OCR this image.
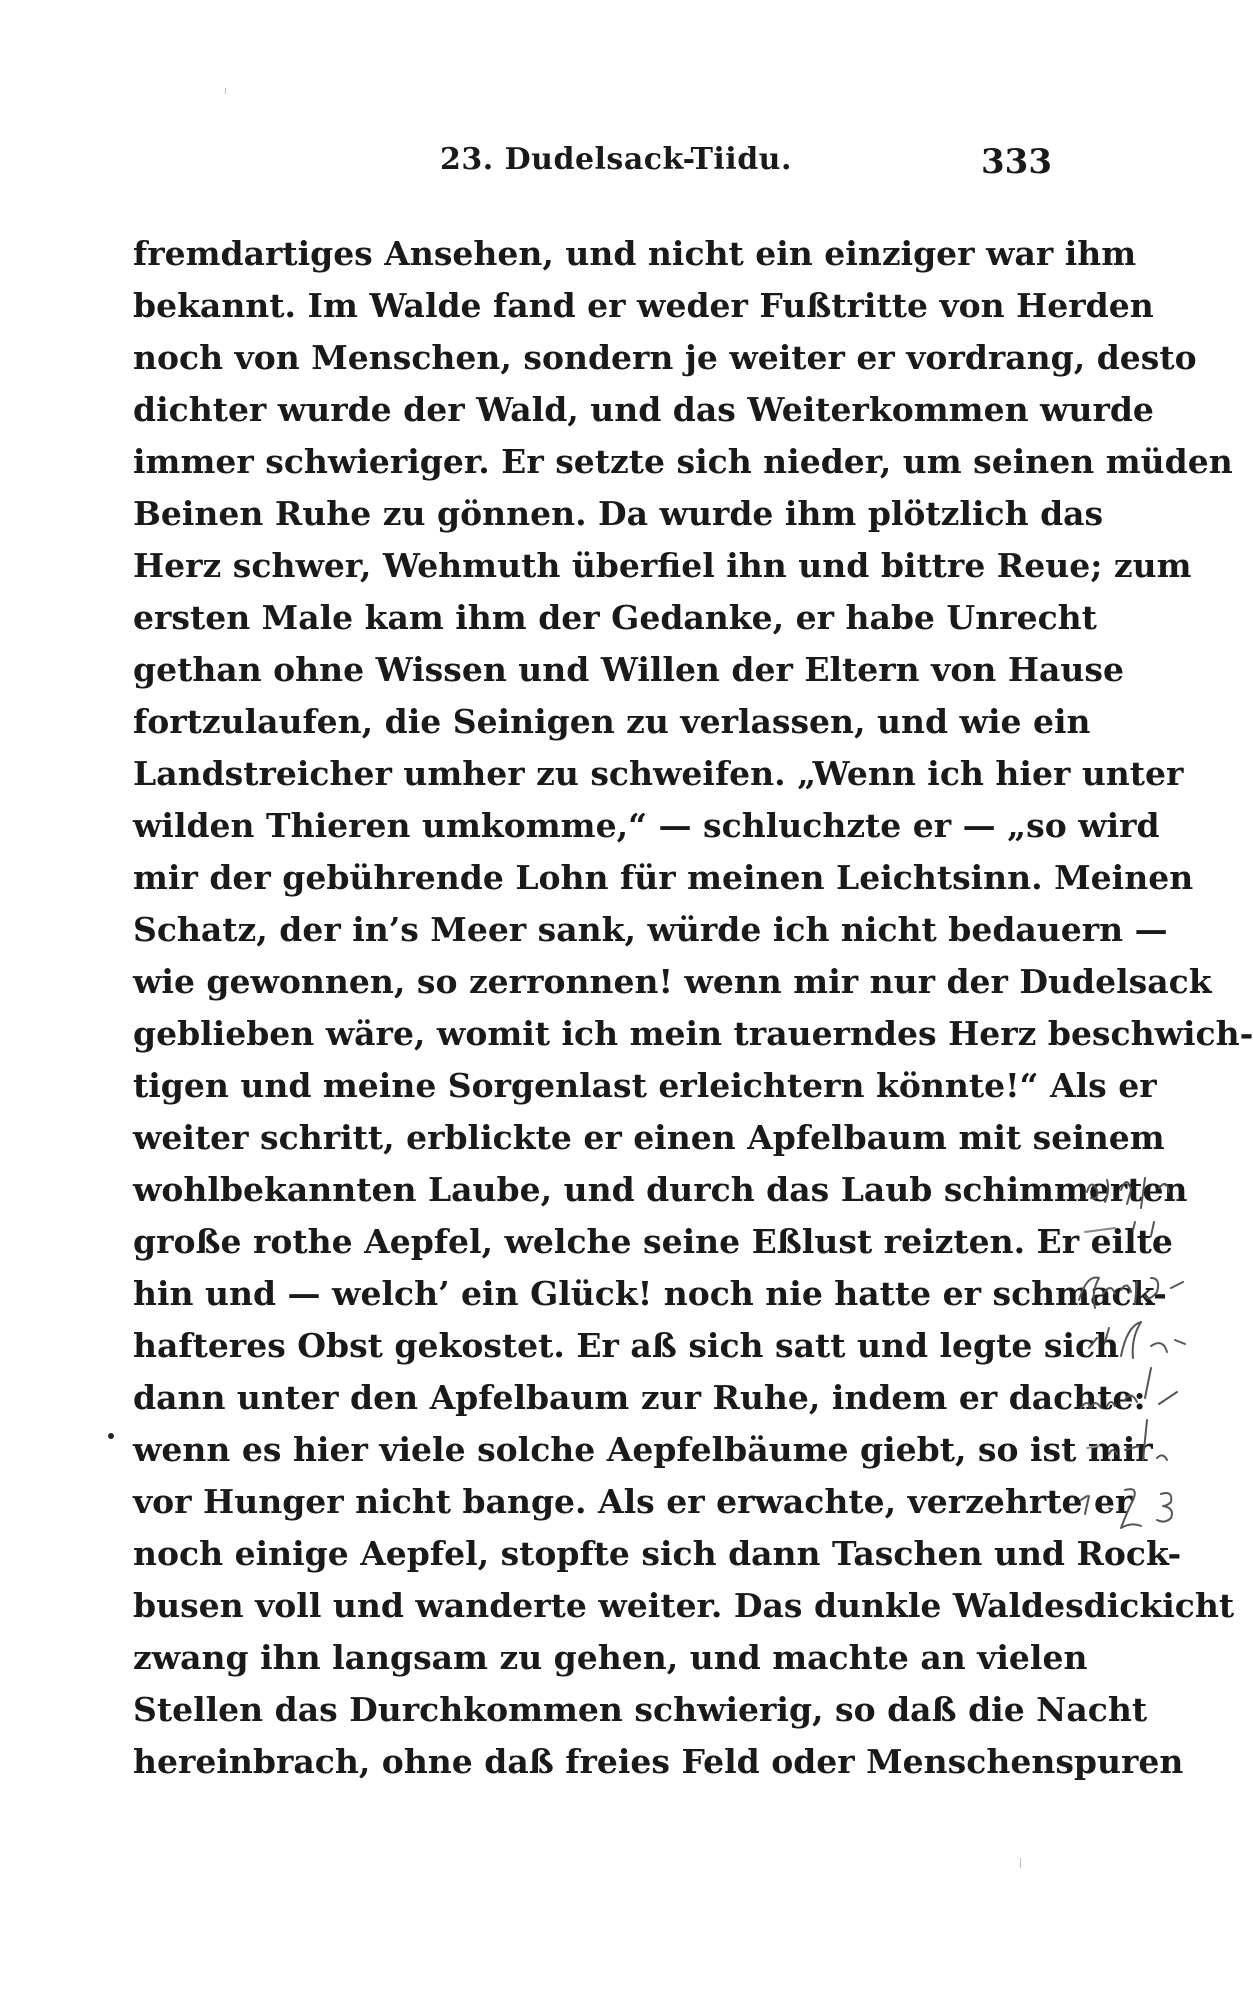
23. Dudelsack-Tiidu.	333
fremdartiges Ansehen, und nicht ein einziger war ihm
bekannt. Im Walde fand er weder Fußtritte von Herden
noch von Menschen, sondern je weiter er vordrang, desto
dichter wurde der Wald, und das Weiterkommen wurde
immer schwieriger. Er setzte sich nieder, um seinen müden
Beinen Ruhe zu gönnen. Da wurde ihm plötzlich das
Herz schwer, Wehmuth überfiel ihn und bittre Reue; zum
ersten Male kam ihm der Gedanke, er habe Unrecht
gethan ohne Wissen und Willen der Eltern von Hause
fortzulaufen, die Seinigen zu verlassen, und wie ein
Landstreicher umher zu schweifen. „Wenn ich hier unter
wilden Thieren umkomme,“ — schluchzte er — „so wird
mir der gebührende Lohn für meinen Leichtsinn. Meinen
Schatz, der in’s Meer sank, würde ich nicht bedauern —
wie gewonnen, so zerronnen! wenn mir nur der Dudelsack
geblieben wäre, womit ich mein trauerndes Herz beschwich-
tigen und meine Sorgenlast erleichtern könnte!“ Als er
weiter schritt, erblickte er einen Apfelbaum mit seinem
wohlbekannten Laube, und durch das Laub schimmerten
große rothe Aepfel, welche seine Eßlust reizten. Er eilte
hin und — welch’ ein Glück! noch nie hatte er schmack-
hafteres Obst gekostet. Er aß sich satt und legte sich
dann unter den Apfelbaum zur Ruhe, indem er dachte:
wenn es hier viele solche Aepfelbäume giebt, so ist mir
vor Hunger nicht bange. Als er erwachte, verzehrte er
noch einige Aepfel, stopfte sich dann Taschen und Rock-
busen voll und wanderte weiter. Das dunkle Waldesdickicht
zwang ihn langsam zu gehen, und machte an vielen
Stellen das Durchkommen schwierig, so daß die Nacht
hereinbrach, ohne daß freies Feld oder Menschenspuren
